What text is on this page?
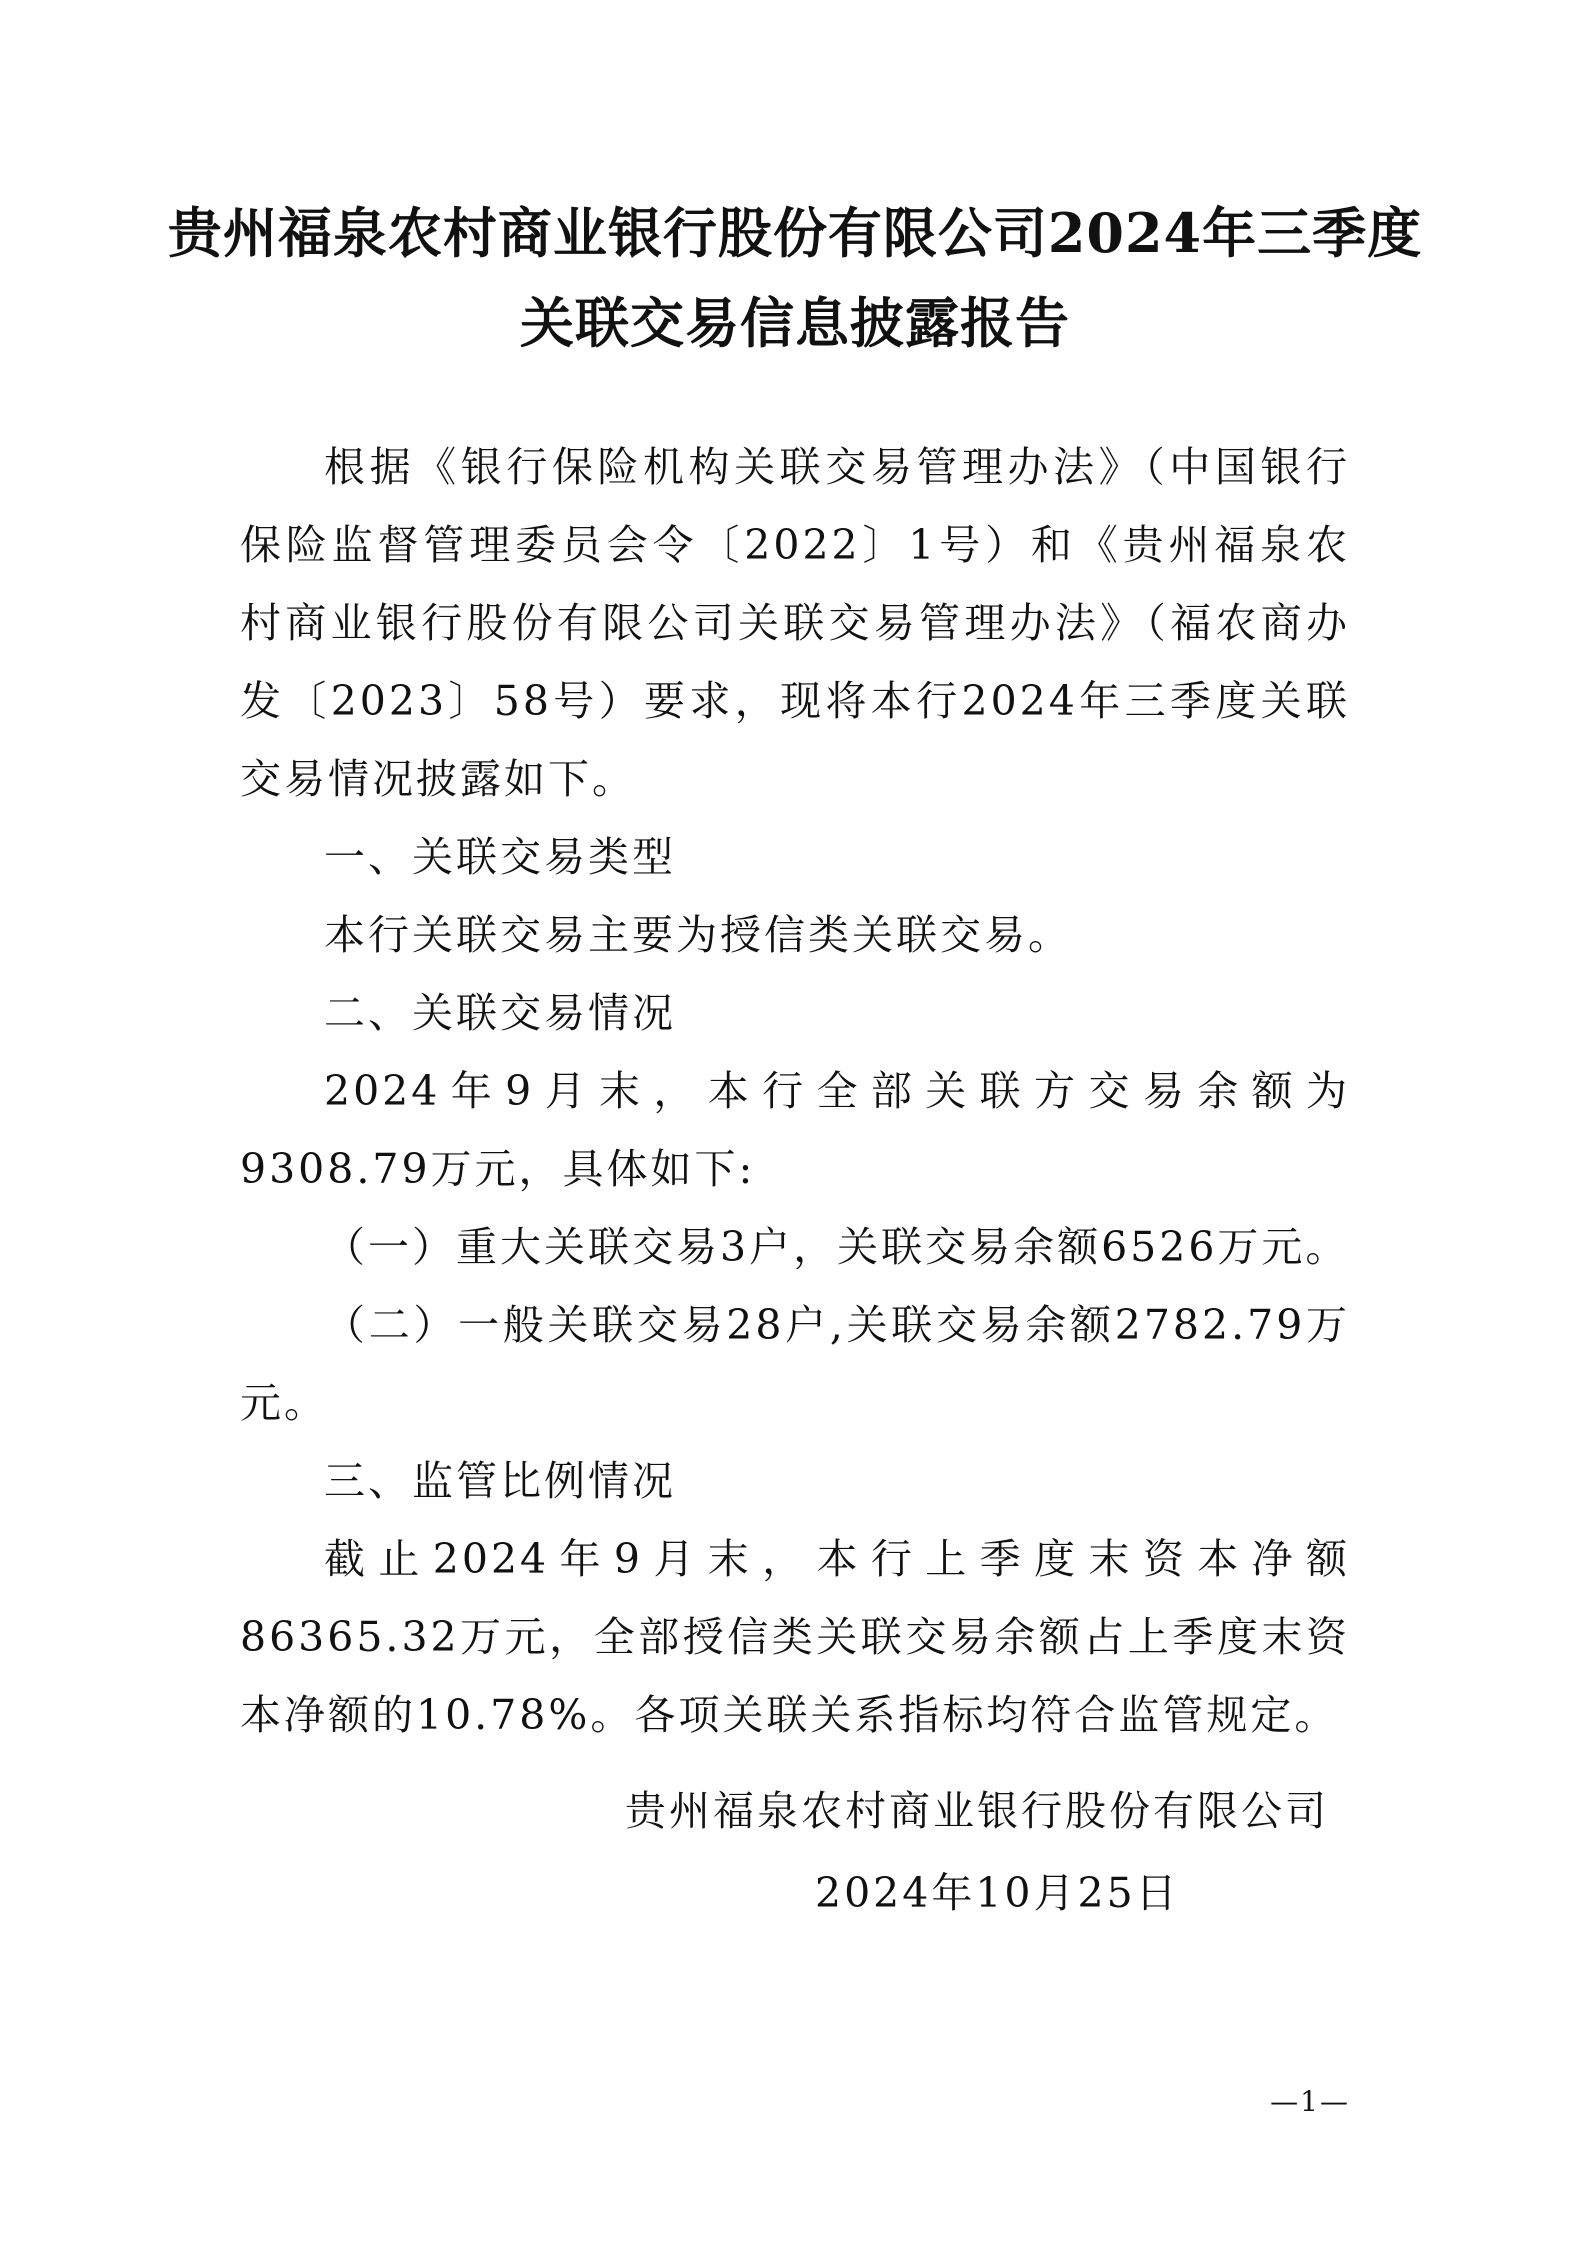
贵州福泉农村商业银行股份有限公司2024年三季度关联交易信息披露报告

根据《银行保险机构关联交易管理办法》（中国银行保险监督管理委员会令〔2022〕1号）和《贵州福泉农村商业银行股份有限公司关联交易管理办法》（福农商办发〔2023〕58号）要求，现将本行2024年三季度关联交易情况披露如下。

一、关联交易类型

本行关联交易主要为授信类关联交易。

二、关联交易情况

2024年9月末，本行全部关联方交易余额为9308.79万元，具体如下:

（一）重大关联交易3户，关联交易余额6526万元。

（二）一般关联交易28户,关联交易余额2782.79万元。

三、监管比例情况

截止2024年9月末，本行上季度末资本净额86365.32万元，全部授信类关联交易余额占上季度末资本净额的10.78%。各项关联关系指标均符合监管规定。

贵州福泉农村商业银行股份有限公司
2024年10月25日
—1—
